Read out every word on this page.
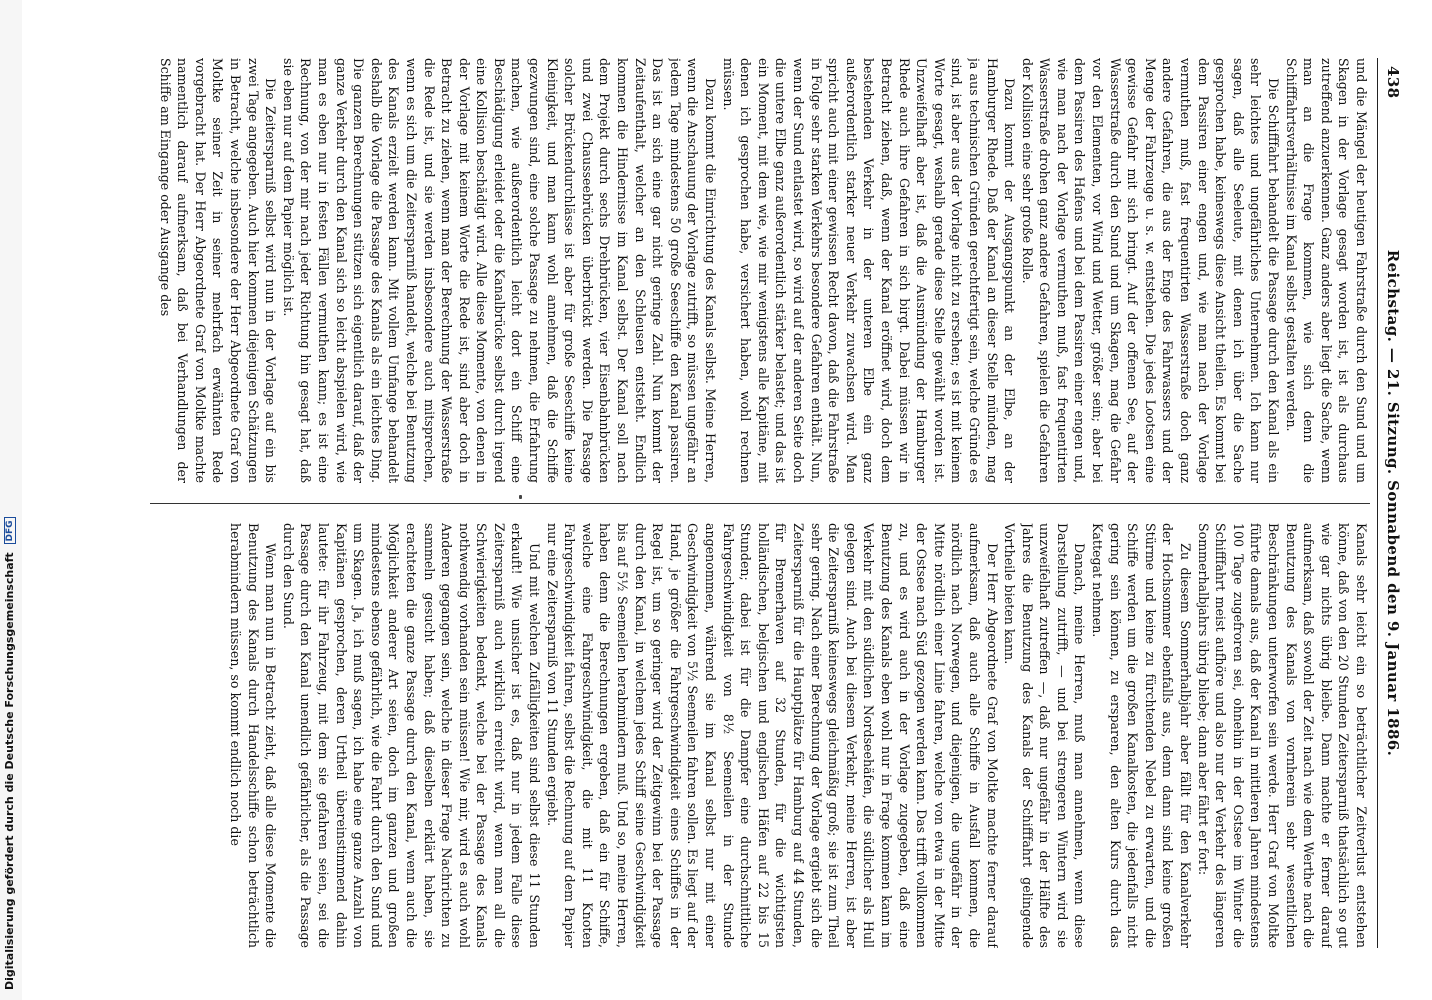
438
Reichstag. — 21. Sitzung. Sonnabend den 9. Januar 1886.

und die Mängel der heutigen Fahrstraße durch den Sund und um Skagen in der Vorlage gesagt worden ist, ist als durchaus zutreffend anzuerkennen. Ganz anders aber liegt die Sache, wenn man an die Frage kommen, wie sich denn die Schifffahrtsverhältnisse im Kanal selbst gestalten werden.

Die Schifffahrt behandelt die Passage durch den Kanal als ein sehr leichtes und ungefährliches Unternehmen. Ich kann nur sagen, daß alle Seeleute, mit denen ich über die Sache gesprochen habe, keineswegs diese Ansicht theilen. Es kommt bei dem Passiren einer engen und, wie man nach der Vorlage vermuthen muß, fast frequentirten Wasserstraße doch ganz andere Gefahren, die aus der Enge des Fahrwassers und der Menge der Fahrzeuge u. s. w. entstehen. Die jedes Lootsen eine gewisse Gefahr mit sich bringt. Auf der offenen See, auf der Wasserstraße durch den Sund und um Skagen, mag die Gefahr vor den Elementen, vor Wind und Wetter, größer sein; aber bei dem Passiren des Hafens und bei dem Passiren einer engen und, wie man nach der Vorlage vermuthen muß, fast frequentirten Wasserstraße drohen ganz andere Gefahren, spielen die Gefahren der Kollision eine sehr große Rolle.

Dazu kommt der Ausgangspunkt an der Elbe, an der Hamburger Rhede. Daß der Kanal an dieser Stelle münden, mag ja aus technischen Gründen gerechtfertigt sein, welche Gründe es sind, ist aber aus der Vorlage nicht zu ersehen; es ist mit keinem Worte gesagt, weshalb gerade diese Stelle gewählt worden ist. Unzweifelhaft aber ist, daß die Ausmündung der Hamburger Rhede auch ihre Gefahren in sich birgt. Dabei müssen wir in Betracht ziehen, daß, wenn der Kanal eröffnet wird, doch dem bestehenden Verkehr in der unteren Elbe ein ganz außerordentlich starker neuer Verkehr zuwachsen wird. Man spricht auch mit einer gewissen Recht davon, daß die Fahrstraße in Folge sehr starken Verkehrs besondere Gefahren enthält. Nun, wenn der Sund entlastet wird, so wird auf der anderen Seite doch die untere Elbe ganz außerordentlich stärker belastet; und das ist ein Moment, mit dem wie, wie mir wenigstens alle Kapitäne, mit denen ich gesprochen habe, versichert haben, wohl rechnen müssen.

Dazu kommt die Einrichtung des Kanals selbst. Meine Herren, wenn die Anschauung der Vorlage zutrifft, so müssen ungefähr an jedem Tage mindestens 50 große Seeschiffe den Kanal passiren. Das ist an sich eine gar nicht geringe Zahl. Nun kommt der Zeitaufenthalt, welcher an den Schleusen entsteht. Endlich kommen die Hindernisse im Kanal selbst. Der Kanal soll nach dem Projekt durch sechs Drehbrücken, vier Eisenbahnbrücken und zwei Chausseebrücken überbrückt werden. Die Passage solcher Brückendurchlässe ist aber für große Seeschiffe keine Kleinigkeit, und man kann wohl annehmen, daß die Schiffe gezwungen sind, eine solche Passage zu nehmen, die Erfahrung machen, wie außerordentlich leicht dort ein Schiff eine Beschädigung erleidet oder die Kanalbrücke selbst durch irgend eine Kollision beschädigt wird. Alle diese Momente, von denen in der Vorlage mit keinem Worte die Rede ist, sind aber doch in Betracht zu ziehen, wenn man der Berechnung der Wasserstraße die Rede ist, und sie werden insbesondere auch mitsprechen, wenn es sich um die Zeitersparniß handelt, welche bei Benutzung des Kanals erzielt werden kann. Mit vollem Umfange behandelt deshalb die Vorlage die Passage des Kanals als ein leichtes Ding. Die ganzen Berechnungen stützen sich eigentlich darauf, daß der ganze Verkehr durch den Kanal sich so leicht abspielen wird, wie man es eben nur in festen Fällen vermuthen kann; es ist eine Rechnung, von der mir nach jeder Richtung hin gesagt hat, daß sie eben nur auf dem Papier möglich ist.

Die Zeitersparniß selbst wird nun in der Vorlage auf ein bis zwei Tage angegeben. Auch hier kommen diejenigen Schätzungen in Betracht, welche insbesondere der Herr Abgeordnete Graf von Moltke seiner Zeit in seiner mehrfach erwähnten Rede vorgebracht hat. Der Herr Abgeordnete Graf von Moltke machte namentlich darauf aufmerksam, daß bei Verhandlungen der Schiffe am Eingange oder Ausgange des

Kanals sehr leicht ein so beträchtlicher Zeitverlust entstehen könne, daß von den 20 Stunden Zeitersparniß thatsächlich so gut wie gar nichts übrig bleibe. Dann machte er ferner darauf aufmerksam, daß sowohl der Zeit nach wie dem Werthe nach die Benutzung des Kanals von vornherein sehr wesentlichen Beschränkungen unterworfen sein werde. Herr Graf von Moltke führte damals aus, daß der Kanal in mittleren Jahren mindestens 100 Tage zugefroren sei, ohnehin in der Ostsee im Winter die Schifffahrt meist aufhöre und also nur der Verkehr des längeren Sommerhalbjahrs übrig bliebe; dann aber fährt er fort:

Zu diesem Sommerhalbjahr aber fällt für den Kanalverkehr der Hochsommer ebenfalls aus, denn dann sind keine großen Stürme und keine zu fürchtenden Nebel zu erwarten, und die Schiffe werden um die großen Kanalkosten, die jedenfalls nicht gering sein können, zu ersparen, den alten Kurs durch das Kattegat nehmen.

Danach, meine Herren, muß man annehmen, wenn diese Darstellung zutrifft, — und bei strengeren Wintern wird sie unzweifelhaft zutreffen —, daß nur ungefähr in der Hälfte des Jahres die Benutzung des Kanals der Schifffahrt gelingende Vortheile bieten kann.

Der Herr Abgeordnete Graf von Moltke machte ferner darauf aufmerksam, daß auch alle Schiffe in Ausfall kommen, die nördlich nach Norwegen, und diejenigen, die ungefähr in der Mitte nördlich einer Linie fahren, welche von etwa in der Mitte der Ostsee nach Süd gezogen werden kann. Das trifft vollkommen zu, und es wird auch in der Vorlage zugegeben, daß eine Benutzung des Kanals eben wohl nur in Frage kommen kann im Verkehr mit den südlichen Nordseehäfen, die südlicher als Hull gelegen sind. Auch bei diesem Verkehr, meine Herren, ist aber die Zeitersparniß keineswegs gleichmäßig groß; sie ist zum Theil sehr gering. Nach einer Berechnung der Vorlage ergiebt sich die Zeitersparniß für die Hauptplätze für Hamburg auf 44 Stunden, für Bremerhaven auf 32 Stunden, für die wichtigsten holländischen, belgischen und englischen Häfen auf 22 bis 15 Stunden; dabei ist für die Dampfer eine durchschnittliche Fahrgeschwindigkeit von 8½ Seemeilen in der Stunde angenommen, während sie im Kanal selbst nur mit einer Geschwindigkeit von 5½ Seemeilen fahren sollen. Es liegt auf der Hand, je größer die Fahrgeschwindigkeit eines Schiffes in der Regel ist, um so geringer wird der Zeitgewinn bei der Passage durch den Kanal, in welchem jedes Schiff seine Geschwindigkeit bis auf 5½ Seemeilen herabmindern muß. Und so, meine Herren, haben denn die Berechnungen ergeben, daß ein für Schiffe, welche eine Fahrgeschwindigkeit, die mit 11 Knoten Fahrgeschwindigkeit fahren, selbst die Rechnung auf dem Papier nur eine Zeitersparniß von 11 Stunden ergiebt.

Und mit welchen Zufälligkeiten sind selbst diese 11 Stunden erkauft! Wie unsicher ist es, daß nur in jedem Falle diese Zeitersparniß auch wirklich erreicht wird, wenn man all die Schwierigkeiten bedenkt, welche bei der Passage des Kanals nothwendig vorhanden sein müssen! Wie mir, wird es auch wohl Anderen gegangen sein, welche in dieser Frage Nachrichten zu sammeln gesucht haben; daß dieselben erklärt haben, sie erachteten die ganze Passage durch den Kanal, wenn auch die Möglichkeit anderer Art seien, doch im ganzen und großen mindestens ebenso gefährlich, wie die Fahrt durch den Sund und um Skagen. Ja, ich muß sagen, ich habe eine ganze Anzahl von Kapitänen gesprochen, deren Urtheil übereinstimmend dahin lautete: für ihr Fahrzeug, mit dem sie gefahren seien, sei die Passage durch den Kanal unendlich gefährlicher, als die Passage durch den Sund.

Wenn man nun in Betracht zieht, daß alle diese Momente die Benutzung des Kanals durch Handelsschiffe schon beträchtlich herabmindern müssen, so kommt endlich noch die

Digitalisierung gefördert durch die Deutsche Forschungsgemeinschaft DFG
